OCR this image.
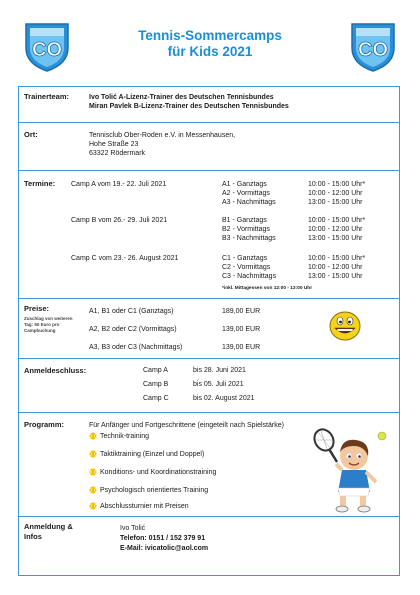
CO	CO
Tennis-Sommercamps
für Kids 2021
Trainerteam:	Ivo Tolić A-Lizenz-Trainer des Deutschen Tennisbundes
Miran Pavlek B-Lizenz-Trainer des Deutschen Tennisbundes
Ort:	Tennisclub Ober-Roden e.V. in Messenhausen,
Hohe Straße 23
63322 Rödermark
Termine: Camp A vom 19.- 22. Juli 2021	A1 - Ganztags	10:00 - 15:00 Uhr*
A2 - Vormittags	10:00 - 12:00 Uhr
A3 - Nachmittags	13:00 - 15:00 Uhr
Camp B vom 26.- 29. Juli 2021	B1 - Ganztags	10:00 - 15:00 Uhr*
B2 - Vormittags	10:00 - 12:00 Uhr
B3 - Nachmittags	13:00 - 15:00 Uhr
Camp C vom 23.- 26. August 2021	C1 - Ganztags	10:00 - 15:00 Uhr*
C2 - Vormittags	10:00 - 12:00 Uhr
C3 - Nachmittags	13:00 - 15:00 Uhr
*inkl. Mittagessen von 12:00 - 13:00 Uhr
Preise:
Zuschlag von weiteren
Tag: 50 Euro pro
Campbuchung
A1, B1 oder C1 (Ganztags)	189,00 EUR
A2, B2 oder C2 (Vormittags)	139,00 EUR
A3, B3 oder C3 (Nachmittags)	139,00 EUR
Anmeldeschluss:	Camp A	bis 28. Juni 2021
Camp B	bis 05. Juli 2021
Camp C	bis 02. August 2021
Programm:	Für Anfänger und Fortgeschrittene (eingeteilt nach Spielstärke)
Technik-training
Taktiktraining (Einzel und Doppel)
Konditions- und Koordinationstraining
Psychologisch orientiertes Training
Abschlussturnier mit Preisen
Anmeldung &
Infos
Ivo Tolić
Telefon: 0151 / 152 379 91
E-Mail: ivicatolic@aol.com
